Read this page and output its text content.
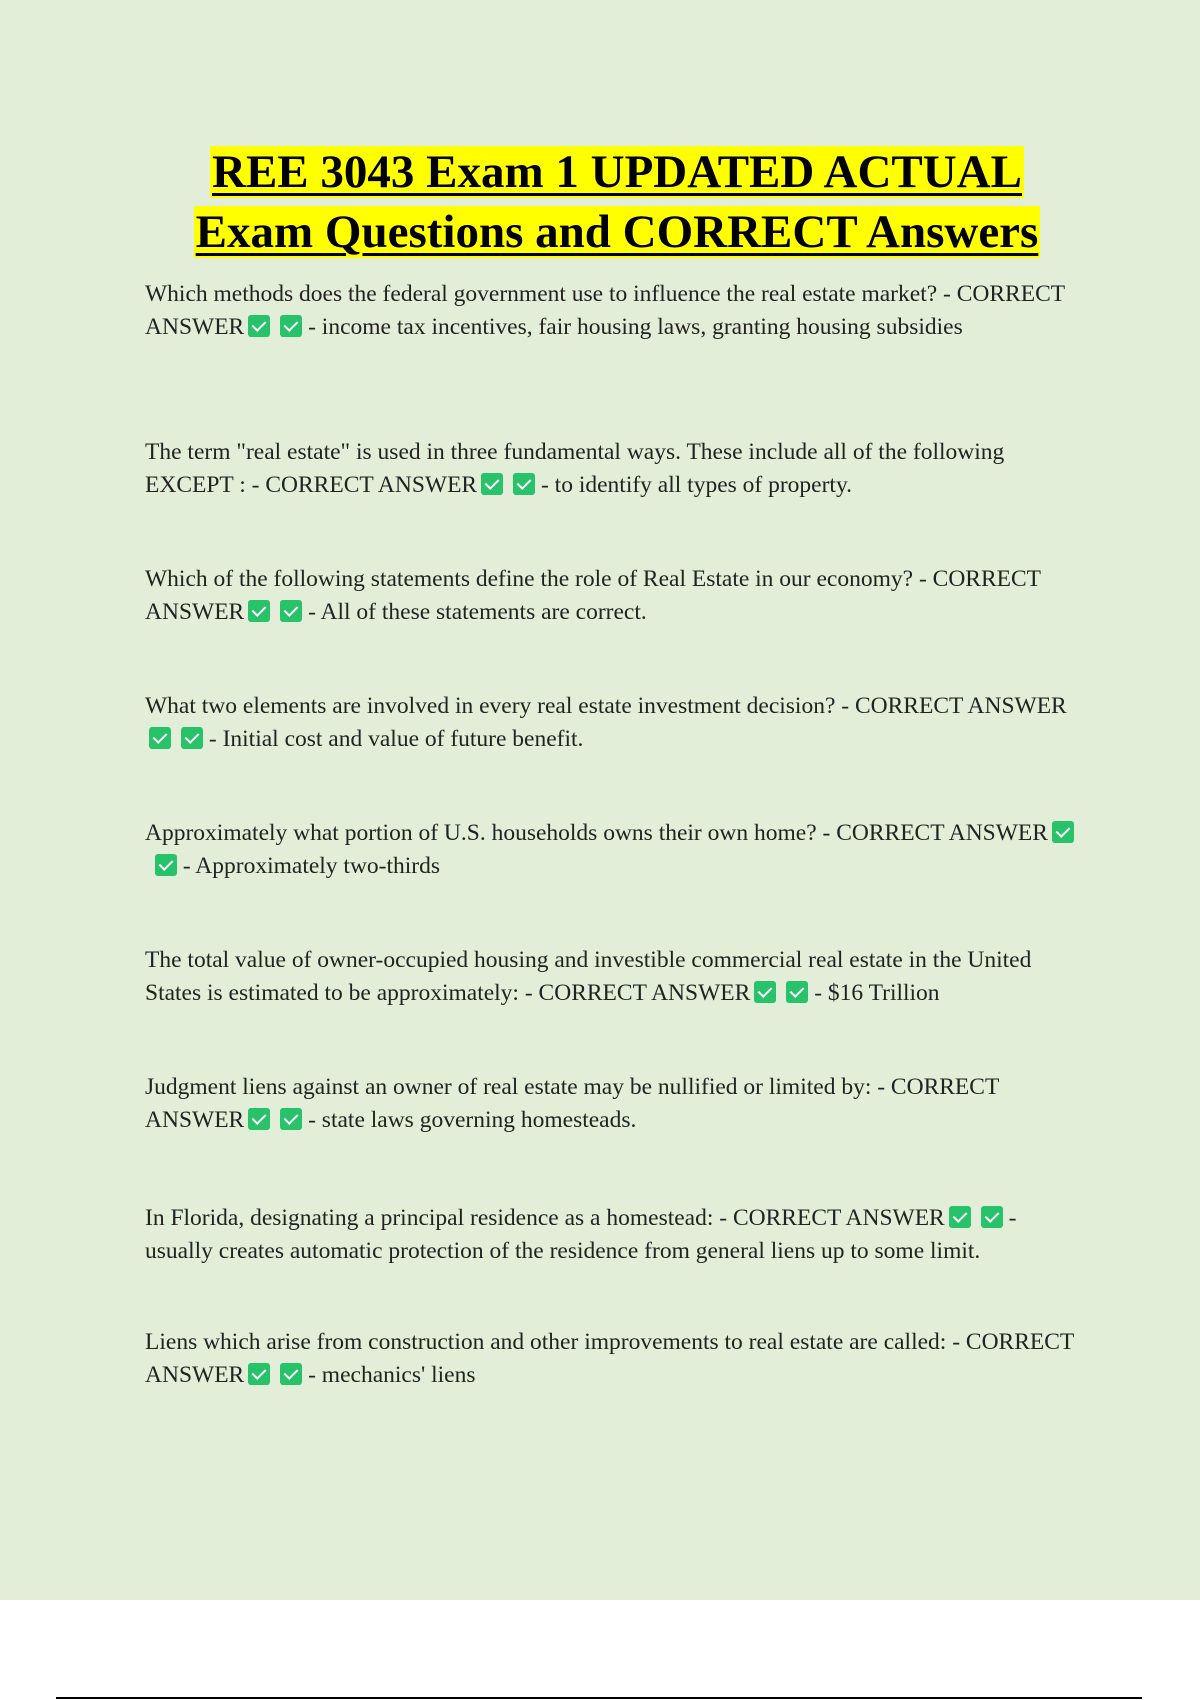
REE 3043 Exam 1 UPDATED ACTUAL
Exam Questions and CORRECT Answers
Which methods does the federal government use to influence the real estate market? - CORRECT ANSWER	- income tax incentives, fair housing laws, granting housing subsidies
The term "real estate" is used in three fundamental ways. These include all of the following EXCEPT : - CORRECT ANSWER	- to identify all types of property.
Which of the following statements define the role of Real Estate in our economy? - CORRECT ANSWER	- All of these statements are correct.
What two elements are involved in every real estate investment decision? - CORRECT ANSWER - Initial cost and value of future benefit.
Approximately what portion of U.S. households owns their own home? - CORRECT ANSWER - Approximately two-thirds
The total value of owner-occupied housing and investible commercial real estate in the United States is estimated to be approximately: - CORRECT ANSWER	- $16 Trillion
Judgment liens against an owner of real estate may be nullified or limited by: - CORRECT ANSWER	- state laws governing homesteads.
In Florida, designating a principal residence as a homestead: - CORRECT ANSWER	- usually creates automatic protection of the residence from general liens up to some limit.
Liens which arise from construction and other improvements to real estate are called: - CORRECT ANSWER	- mechanics' liens
